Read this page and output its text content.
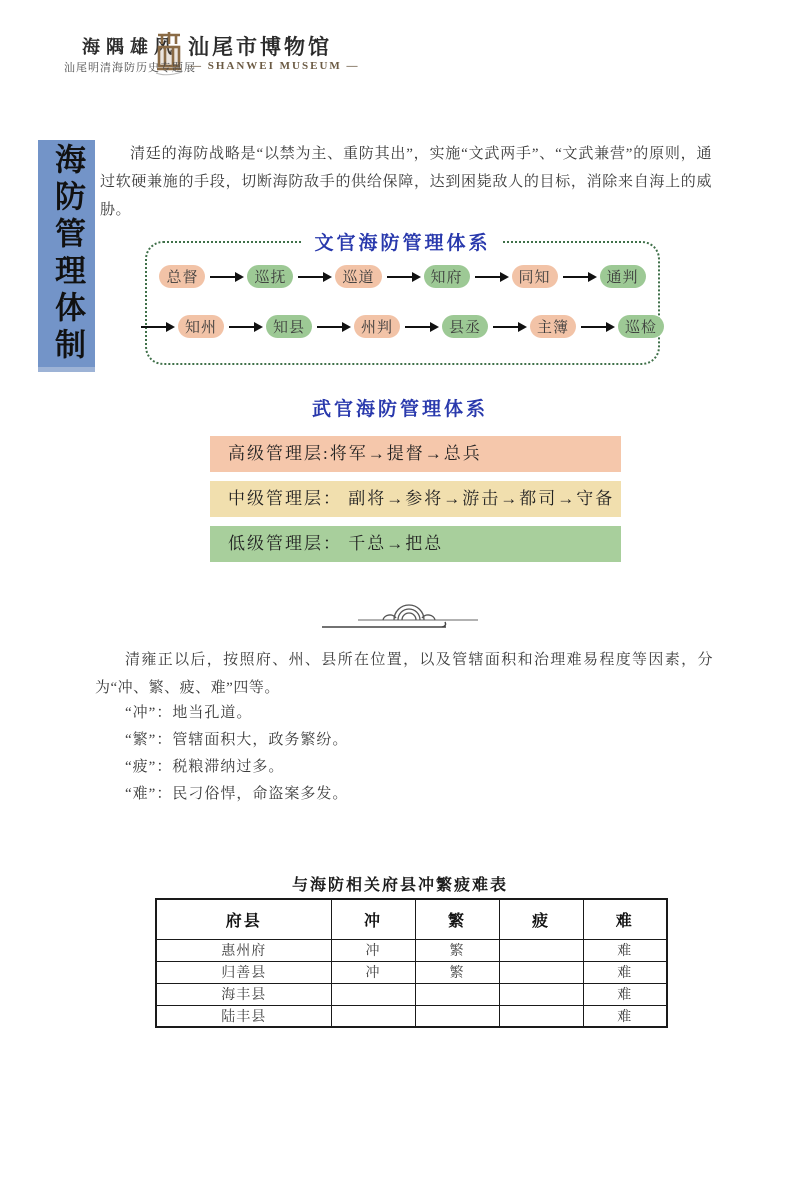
海隅雄风 汕尾市博物馆
汕尾明清海防历史专题展
— SHANWEI MUSEUM —
海防管理体制	清廷的海防战略是“以禁为主、重防其出”，实施“文武两手”、“文武兼营”的原则，通过软硬兼施的手段，切断海防敌手的供给保障，达到困毙敌人的目标，消除来自海上的威胁。

文官海防管理体系
总督	巡抚	巡道	知府	同知	通判
知州	知县	州判	县丞	主簿	巡检
武官海防管理体系
高级管理层:将军→提督→总兵
中级管理层： 副将→参将→游击→都司→守备
低级管理层： 千总→把总

清雍正以后，按照府、州、县所在位置，以及管辖面积和治理难易程度等因素，分为“冲、繁、疲、难”四等。

“冲”：地当孔道。
“繁”：管辖面积大，政务繁纷。
“疲”：税粮滞纳过多。
“难”：民刁俗悍，命盗案多发。
与海防相关府县冲繁疲难表
府县	冲	繁	疲	难
惠州府	冲	繁		难
归善县	冲	繁		难
海丰县				难
陆丰县				难
